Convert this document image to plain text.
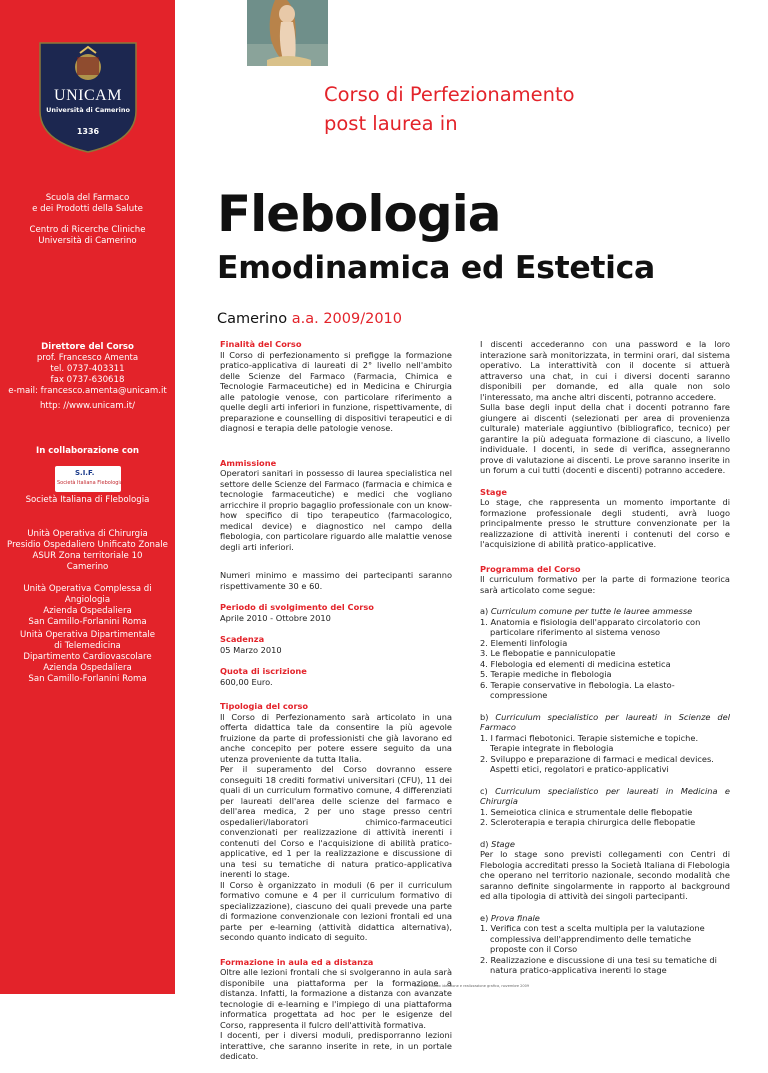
UNICAM
Università di Camerino
1336

Scuola del Farmaco

e dei Prodotti della Salute

Centro di Ricerche Cliniche

Università di Camerino

Direttore del Corso

prof. Francesco Amenta

tel. 0737-403311

fax 0737-630618

e-mail: francesco.amenta@unicam.it

http: //www.unicam.it/

In collaborazione con

S.I.F.
Società Italiana Flebologia

Società Italiana di Flebologia

Unità Operativa di Chirurgia

Presidio Ospedaliero Unificato Zonale

ASUR Zona territoriale 10

Camerino

Unità Operativa Complessa di Angiologia

Azienda Ospedaliera

San Camillo-Forlanini Roma

Unità Operativa Dipartimentale

di Telemedicina

Dipartimento Cardiovascolare

Azienda Ospedaliera

San Camillo-Forlanini Roma

Corso di Perfezionamento
post laurea in
Flebologia
Emodinamica ed Estetica
Camerino a.a. 2009/2010
Finalità del Corso

Il Corso di perfezionamento si prefigge la formazione pratico-applicativa di laureati di 2° livello nell'ambito delle Scienze del Farmaco (Farmacia, Chimica e Tecnologie Farmaceutiche) ed in Medicina e Chirurgia alle patologie venose, con particolare riferimento a quelle degli arti inferiori in funzione, rispettivamente, di preparazione e counselling di dispositivi terapeutici e di diagnosi e terapia delle patologie venose.

Ammissione

Operatori sanitari in possesso di laurea specialistica nel settore delle Scienze del Farmaco (farmacia e chimica e tecnologie farmaceutiche) e medici che vogliano arricchire il proprio bagaglio professionale con un know-how specifico di tipo terapeutico (farmacologico, medical device) e diagnostico nel campo della flebologia, con particolare riguardo alle malattie venose degli arti inferiori.

Numeri minimo e massimo dei partecipanti saranno rispettivamente 30 e 60.

Periodo di svolgimento del Corso

Aprile 2010 - Ottobre 2010

Scadenza

05 Marzo 2010

Quota di iscrizione

600,00 Euro.

Tipologia del corso

Il Corso di Perfezionamento sarà articolato in una offerta didattica tale da consentire la più agevole fruizione da parte di professionisti che già lavorano ed anche concepito per potere essere seguito da una utenza proveniente da tutta Italia.

Per il superamento del Corso dovranno essere conseguiti 18 crediti formativi universitari (CFU), 11 dei quali di un curriculum formativo comune, 4 differenziati per laureati dell'area delle scienze del farmaco e dell'area medica, 2 per uno stage presso centri ospedalieri/laboratori chimico-farmaceutici convenzionati per realizzazione di attività inerenti i contenuti del Corso e l'acquisizione di abilità pratico-applicative, ed 1 per la realizzazione e discussione di una tesi su tematiche di natura pratico-applicativa inerenti lo stage.

Il Corso è organizzato in moduli (6 per il curriculum formativo comune e 4 per il curriculum formativo di specializzazione), ciascuno dei quali prevede una parte di formazione convenzionale con lezioni frontali ed una parte per e-learning (attività didattica alternativa), secondo quanto indicato di seguito.

Formazione in aula ed a distanza

Oltre alle lezioni frontali che si svolgeranno in aula sarà disponibile una piattaforma per la formazione a distanza. Infatti, la formazione a distanza con avanzate tecnologie di e-learning e l'impiego di una piattaforma informatica progettata ad hoc per le esigenze del Corso, rappresenta il fulcro dell'attività formativa.

I docenti, per i diversi moduli, predisporranno lezioni interattive, che saranno inserite in rete, in un portale dedicato.

I discenti accederanno con una password e la loro interazione sarà monitorizzata, in termini orari, dal sistema operativo. La interattività con il docente si attuerà attraverso una chat, in cui i diversi docenti saranno disponibili per domande, ed alla quale non solo l'interessato, ma anche altri discenti, potranno accedere.

Sulla base degli input della chat i docenti potranno fare giungere ai discenti (selezionati per area di provenienza culturale) materiale aggiuntivo (bibliografico, tecnico) per garantire la più adeguata formazione di ciascuno, a livello individuale. I docenti, in sede di verifica, assegneranno prove di valutazione ai discenti. Le prove saranno inserite in un forum a cui tutti (docenti e discenti) potranno accedere.

Stage

Lo stage, che rappresenta un momento importante di formazione professionale degli studenti, avrà luogo principalmente presso le strutture convenzionate per la realizzazione di attività inerenti i contenuti del corso e l'acquisizione di abilità pratico-applicative.

Programma del Corso

Il curriculum formativo per la parte di formazione teorica sarà articolato come segue:

a) Curriculum comune per tutte le lauree ammesse

1. Anatomia e fisiologia dell'apparato circolatorio con particolare riferimento al sistema venoso
2. Elementi linfologia
3. Le flebopatie e panniculopatie
4. Flebologia ed elementi di medicina estetica
5. Terapie mediche in flebologia
6. Terapie conservative in flebologia. La elasto-compressione

b) Curriculum specialistico per laureati in Scienze del Farmaco

1. I farmaci flebotonici. Terapie sistemiche e topiche. Terapie integrate in flebologia
2. Sviluppo e preparazione di farmaci e medical devices. Aspetti etici, regolatori e pratico-applicativi

c) Curriculum specialistico per laureati in Medicina e Chirurgia

1. Semeiotica clinica e strumentale delle flebopatie
2. Scleroterapia e terapia chirurgica delle flebopatie

d) Stage

Per lo stage sono previsti collegamenti con Centri di Flebologia accreditati presso la Società Italiana di Flebologia che operano nel territorio nazionale, secondo modalità che saranno definite singolarmente in rapporto al background ed alla tipologia di attività dei singoli partecipanti.

e) Prova finale

1. Verifica con test a scelta multipla per la valutazione complessiva dell'apprendimento delle tematiche proposte con il Corso
2. Realizzazione e discussione di una tesi su tematiche di natura pratico-applicativa inerenti lo stage
UNICAM Ruolex ideazione e realizzazione grafica, novembre 2009
